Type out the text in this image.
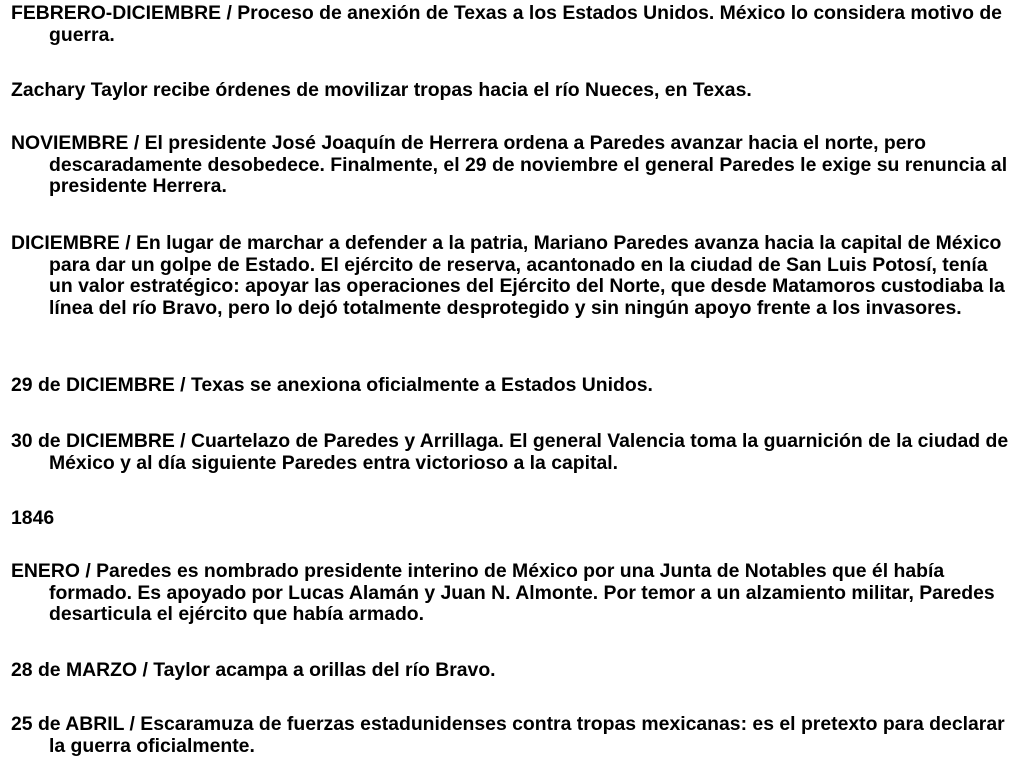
FEBRERO-DICIEMBRE / Proceso de anexión de Texas a los Estados Unidos. México lo considera motivo de guerra.

Zachary Taylor recibe órdenes de movilizar tropas hacia el río Nueces, en Texas.

NOVIEMBRE / El presidente José Joaquín de Herrera ordena a Paredes avanzar hacia el norte, pero descaradamente desobedece. Finalmente, el 29 de noviembre el general Paredes le exige su renuncia al presidente Herrera.

DICIEMBRE / En lugar de marchar a defender a la patria, Mariano Paredes avanza hacia la capital de México para dar un golpe de Estado. El ejército de reserva, acantonado en la ciudad de San Luis Potosí, tenía un valor estratégico: apoyar las operaciones del Ejército del Norte, que desde Matamoros custodiaba la línea del río Bravo, pero lo dejó totalmente desprotegido y sin ningún apoyo frente a los invasores.

29 de DICIEMBRE / Texas se anexiona oficialmente a Estados Unidos.

30 de DICIEMBRE / Cuartelazo de Paredes y Arrillaga. El general Valencia toma la guarnición de la ciudad de México y al día siguiente Paredes entra victorioso a la capital.

1846

ENERO / Paredes es nombrado presidente interino de México por una Junta de Notables que él había formado. Es apoyado por Lucas Alamán y Juan N. Almonte. Por temor a un alzamiento militar, Paredes desarticula el ejército que había armado.

28 de MARZO / Taylor acampa a orillas del río Bravo.

25 de ABRIL / Escaramuza de fuerzas estadunidenses contra tropas mexicanas: es el pretexto para declarar la guerra oficialmente.
